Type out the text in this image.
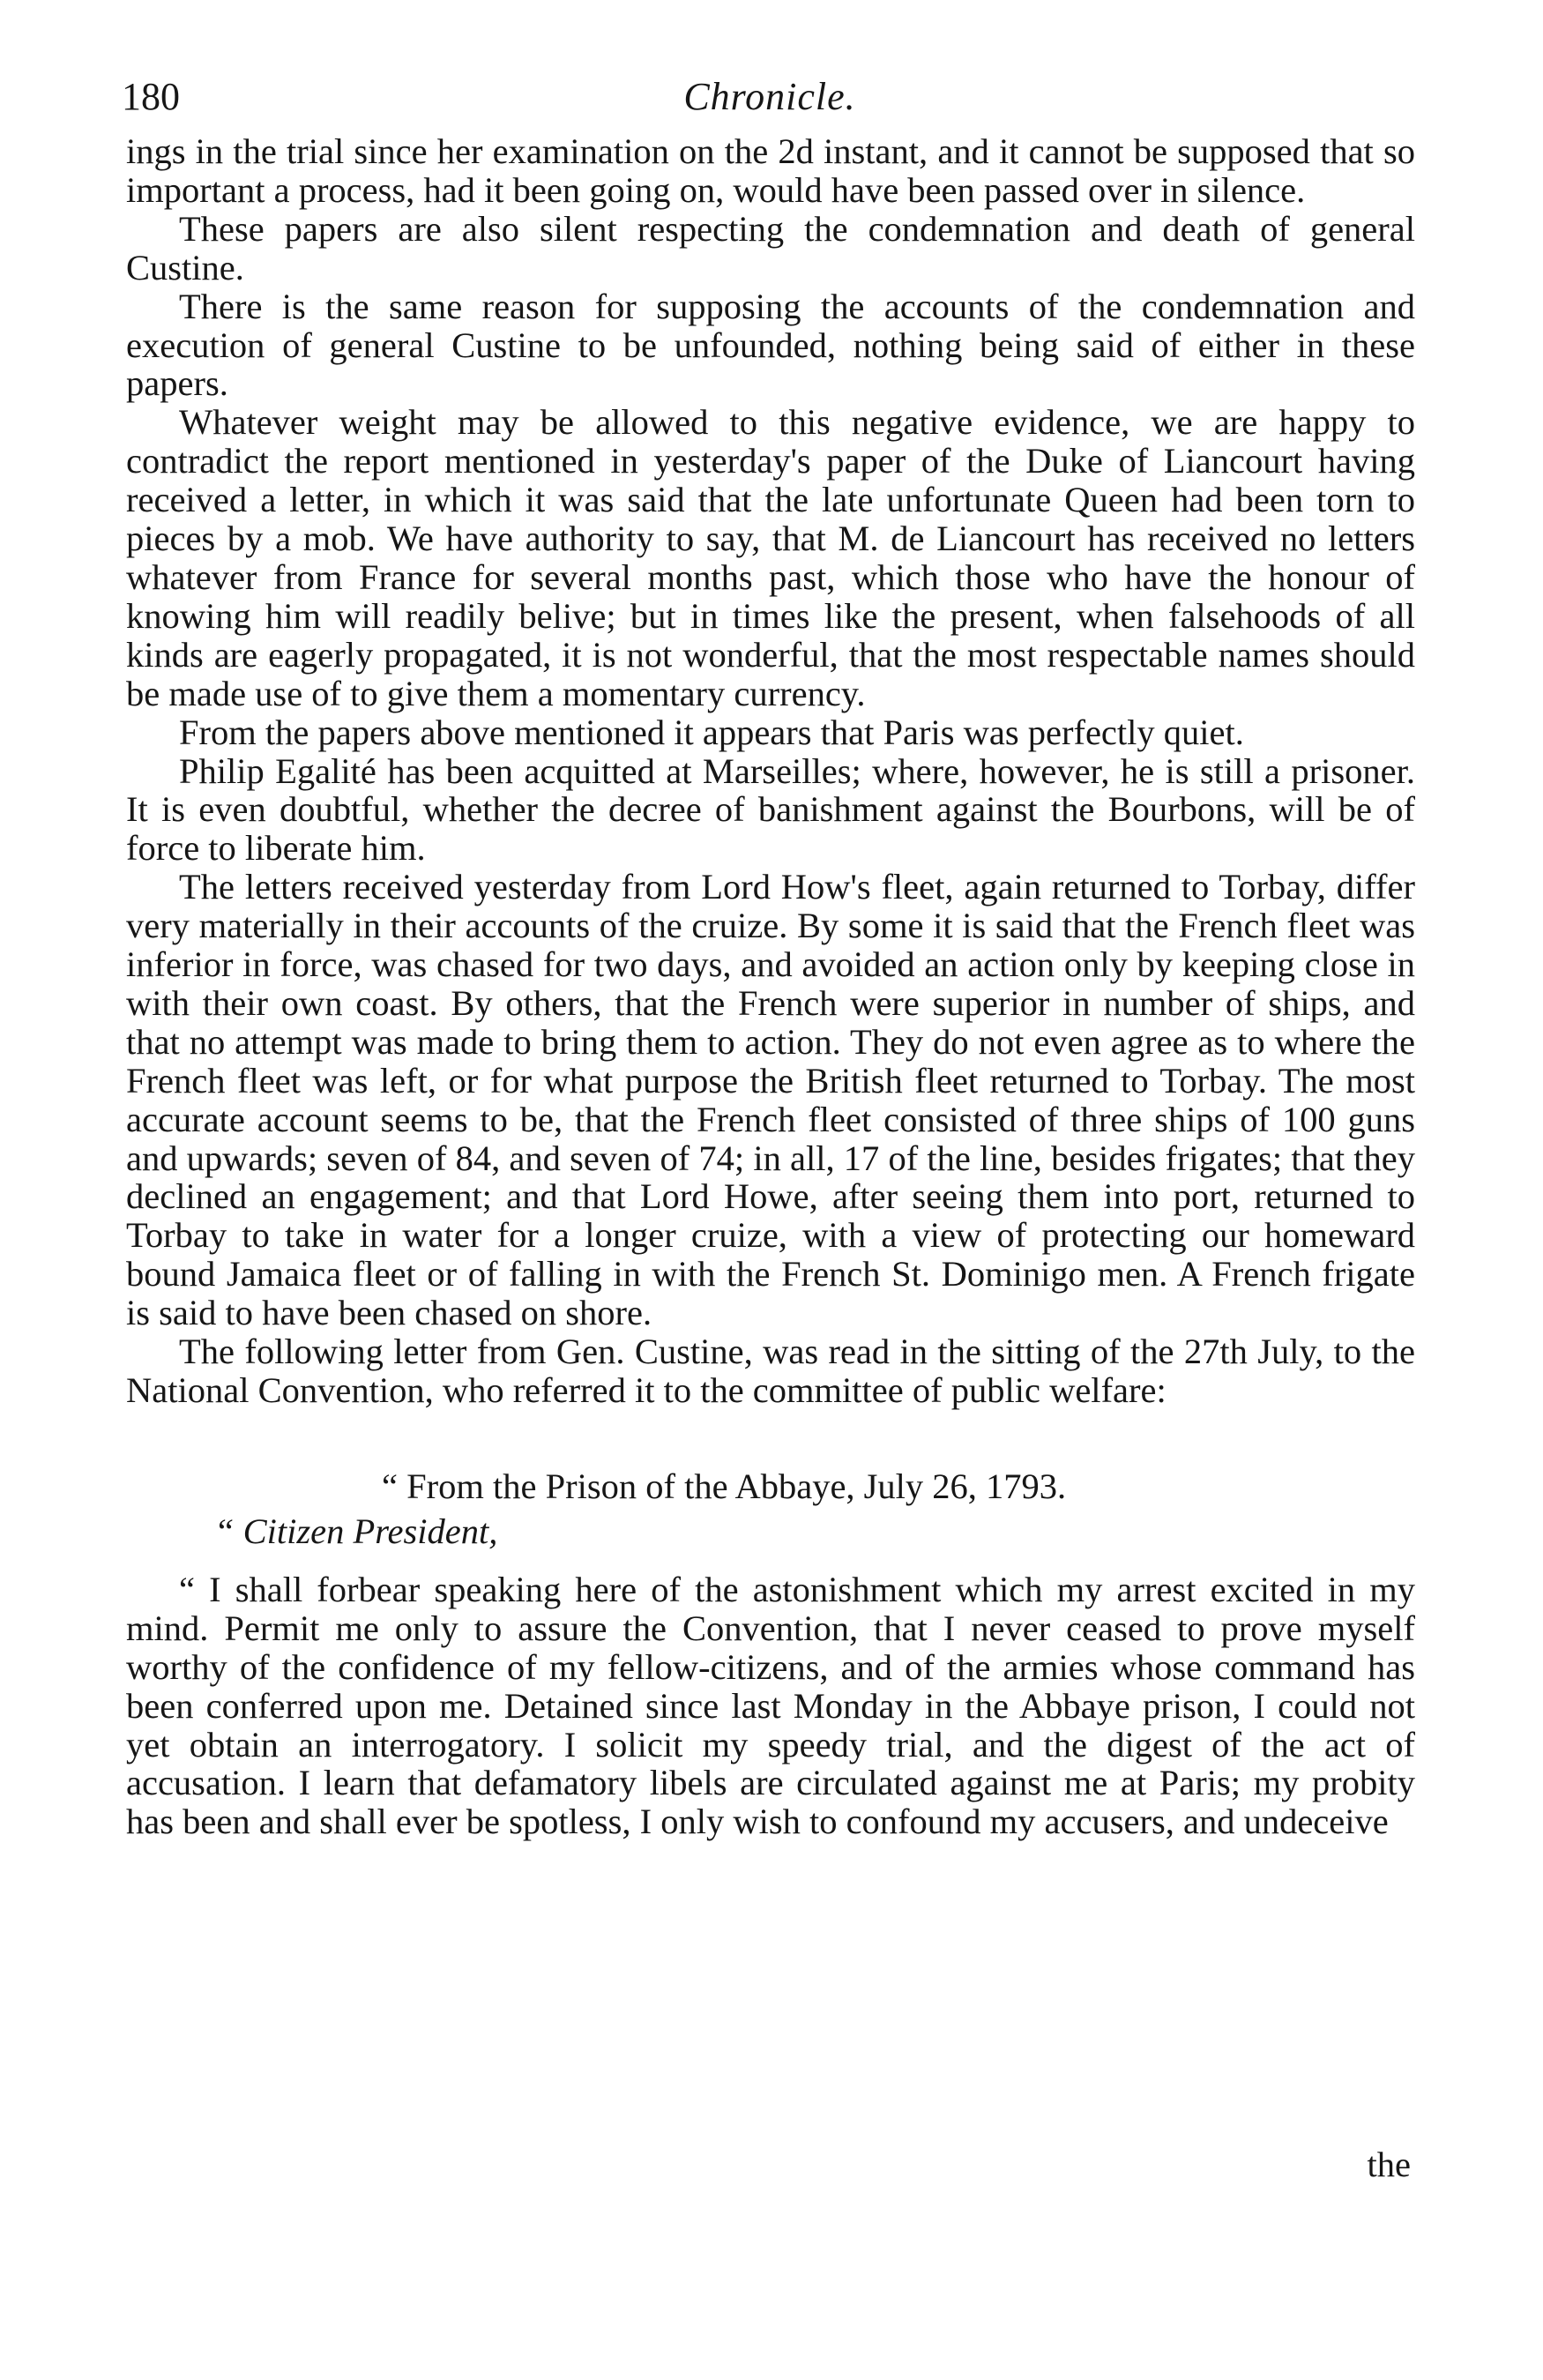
180	Chronicle.

ings in the trial since her examination on the 2d instant, and it cannot be supposed that so important a process, had it been going on, would have been passed over in silence.

These papers are also silent respecting the condemnation and death of general Custine.

There is the same reason for supposing the accounts of the condemnation and execution of general Custine to be unfounded, nothing being said of either in these papers.

Whatever weight may be allowed to this negative evidence, we are happy to contradict the report mentioned in yesterday's paper of the Duke of Liancourt having received a letter, in which it was said that the late unfortunate Queen had been torn to pieces by a mob. We have authority to say, that M. de Liancourt has received no letters whatever from France for several months past, which those who have the honour of knowing him will readily belive; but in times like the present, when falsehoods of all kinds are eagerly propagated, it is not wonderful, that the most respectable names should be made use of to give them a momentary currency.

From the papers above mentioned it appears that Paris was perfectly quiet.

Philip Egalité has been acquitted at Marseilles; where, however, he is still a prisoner. It is even doubtful, whether the decree of banishment against the Bourbons, will be of force to liberate him.

The letters received yesterday from Lord How's fleet, again returned to Torbay, differ very materially in their accounts of the cruize. By some it is said that the French fleet was inferior in force, was chased for two days, and avoided an action only by keeping close in with their own coast. By others, that the French were superior in number of ships, and that no attempt was made to bring them to action. They do not even agree as to where the French fleet was left, or for what purpose the British fleet returned to Torbay. The most accurate account seems to be, that the French fleet consisted of three ships of 100 guns and upwards; seven of 84, and seven of 74; in all, 17 of the line, besides frigates; that they declined an engagement; and that Lord Howe, after seeing them into port, returned to Torbay to take in water for a longer cruize, with a view of protecting our homeward bound Jamaica fleet or of falling in with the French St. Dominigo men. A French frigate is said to have been chased on shore.

The following letter from Gen. Custine, was read in the sitting of the 27th July, to the National Convention, who referred it to the committee of public welfare:

“ From the Prison of the Abbaye, July 26, 1793.

“ Citizen President,

“ I shall forbear speaking here of the astonishment which my arrest excited in my mind. Permit me only to assure the Convention, that I never ceased to prove myself worthy of the confidence of my fellow-citizens, and of the armies whose command has been conferred upon me. Detained since last Monday in the Abbaye prison, I could not yet obtain an interrogatory. I solicit my speedy trial, and the digest of the act of accusation. I learn that defamatory libels are circulated against me at Paris; my probity has been and shall ever be spotless, I only wish to confound my accusers, and undeceive

the
